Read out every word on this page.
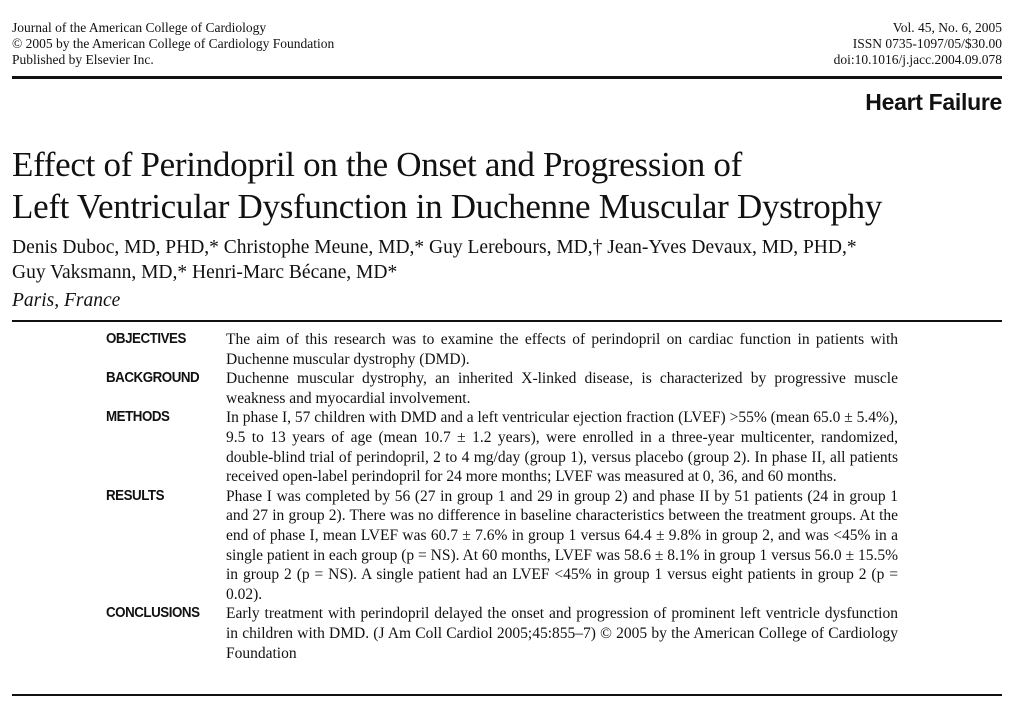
Journal of the American College of Cardiology
© 2005 by the American College of Cardiology Foundation
Published by Elsevier Inc.
Vol. 45, No. 6, 2005
ISSN 0735-1097/05/$30.00
doi:10.1016/j.jacc.2004.09.078
Heart Failure
Effect of Perindopril on the Onset and Progression of
Left Ventricular Dysfunction in Duchenne Muscular Dystrophy
Denis Duboc, MD, PHD,* Christophe Meune, MD,* Guy Lerebours, MD,† Jean-Yves Devaux, MD, PHD,*
Guy Vaksmann, MD,* Henri-Marc Bécane, MD*
Paris, France
OBJECTIVES	The aim of this research was to examine the effects of perindopril on cardiac function in patients with Duchenne muscular dystrophy (DMD).
BACKGROUND	Duchenne muscular dystrophy, an inherited X-linked disease, is characterized by progressive muscle weakness and myocardial involvement.
METHODS	In phase I, 57 children with DMD and a left ventricular ejection fraction (LVEF) >55% (mean 65.0 ± 5.4%), 9.5 to 13 years of age (mean 10.7 ± 1.2 years), were enrolled in a three-year multicenter, randomized, double-blind trial of perindopril, 2 to 4 mg/day (group 1), versus placebo (group 2). In phase II, all patients received open-label perindopril for 24 more months; LVEF was measured at 0, 36, and 60 months.
RESULTS	Phase I was completed by 56 (27 in group 1 and 29 in group 2) and phase II by 51 patients (24 in group 1 and 27 in group 2). There was no difference in baseline characteristics between the treatment groups. At the end of phase I, mean LVEF was 60.7 ± 7.6% in group 1 versus 64.4 ± 9.8% in group 2, and was <45% in a single patient in each group (p = NS). At 60 months, LVEF was 58.6 ± 8.1% in group 1 versus 56.0 ± 15.5% in group 2 (p = NS). A single patient had an LVEF <45% in group 1 versus eight patients in group 2 (p = 0.02).
CONCLUSIONS	Early treatment with perindopril delayed the onset and progression of prominent left ventricle dysfunction in children with DMD. (J Am Coll Cardiol 2005;45:855–7) © 2005 by the American College of Cardiology Foundation
